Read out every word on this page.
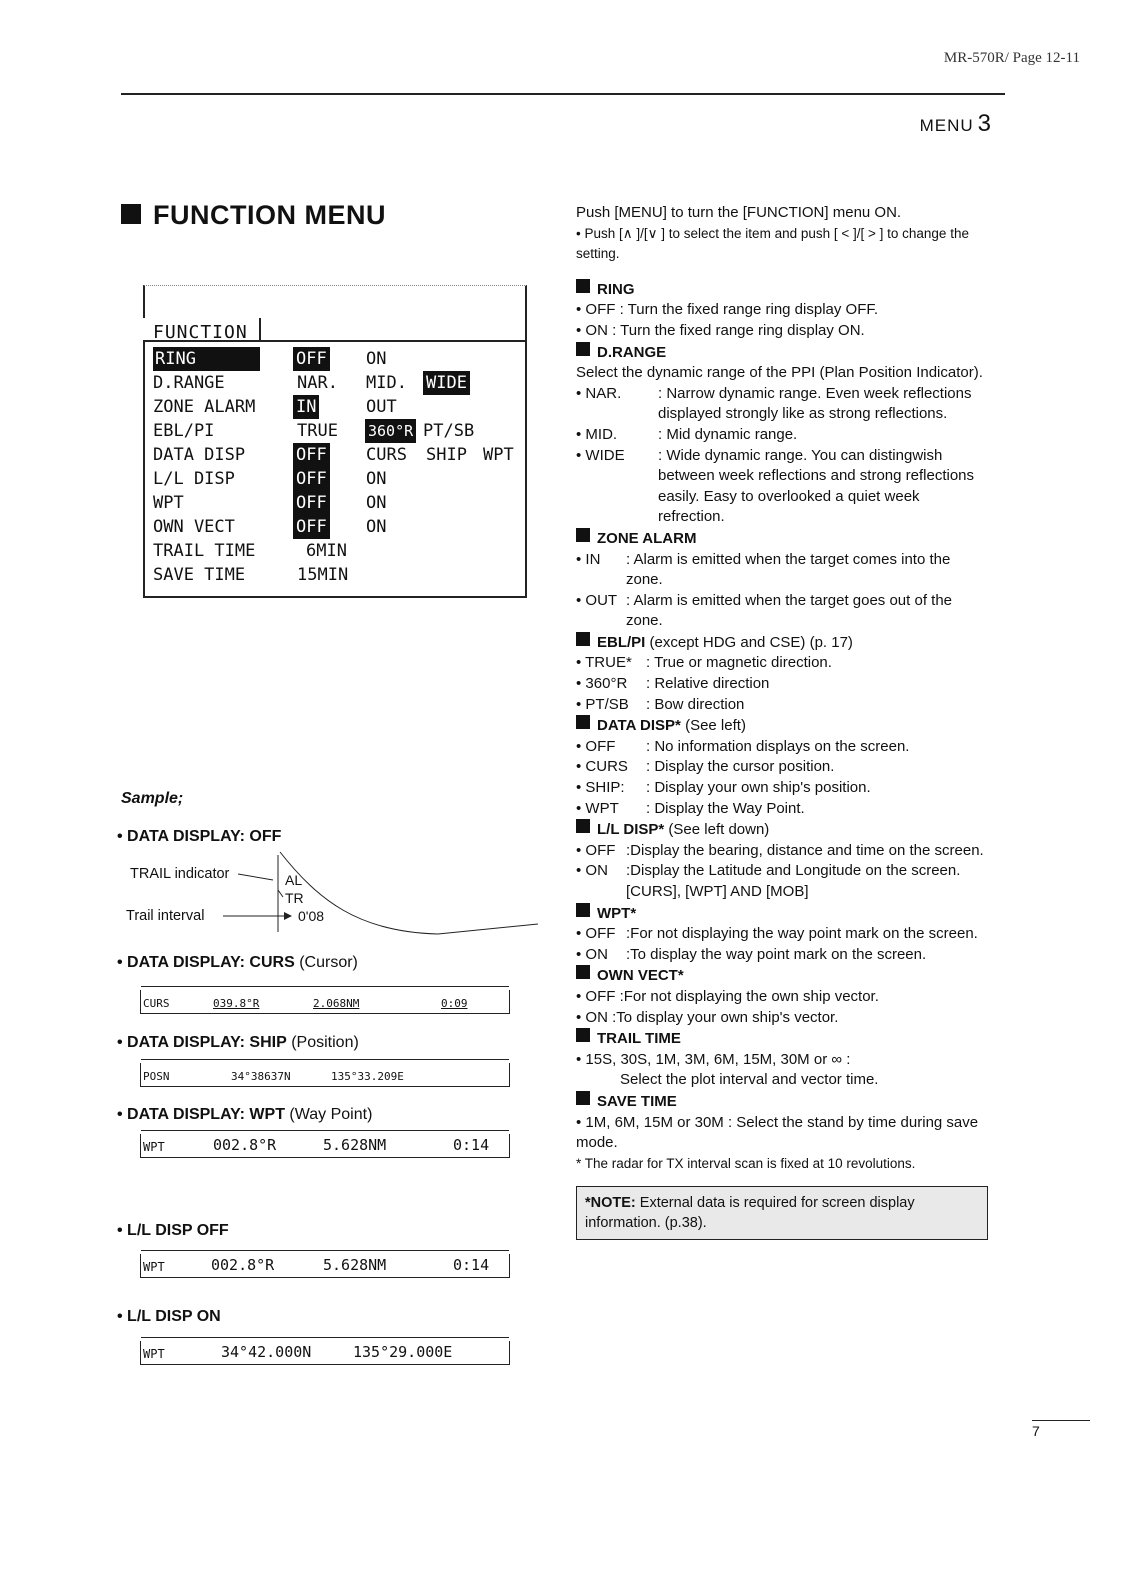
MR-570R/ Page 12-11
MENU 3
FUNCTION MENU
FUNCTION
RING	OFF ON
D.RANGE	NAR. MID. WIDE
ZONE ALARM IN	OUT
EBL/PI	TRUE 360°R PT/SB
DATA DISP	OFF CURS SHIP WPT
L/L DISP	OFF ON
WPT	OFF ON
OWN VECT	OFF ON
TRAIL TIME	6MIN
SAVE TIME	15MIN
Sample;
• DATA DISPLAY: OFF
TRAIL indicator
Trail interval
AL
TR
0'08
• DATA DISPLAY: CURS (Cursor)
CURS	039.8°R	2.068NM	0:09
• DATA DISPLAY: SHIP (Position)
POSN	34°38637N	135°33.209E
• DATA DISPLAY: WPT (Way Point)
WPT	002.8°R	5.628NM	0:14
• L/L DISP OFF
WPT	002.8°R	5.628NM	0:14
• L/L DISP ON
WPT	34°42.000N	135°29.000E

Push [MENU] to turn the [FUNCTION] menu ON.

• Push [∧ ]/[∨ ] to select the item and push [ < ]/[ > ] to change the setting.

RING

• OFF : Turn the fixed range ring display OFF.

• ON : Turn the fixed range ring display ON.

D.RANGE

Select the dynamic range of the PPI (Plan Position Indicator).

• NAR.	: Narrow dynamic range. Even week reflections displayed strongly like as strong reflections.
• MID.	: Mid dynamic range.
• WIDE	: Wide dynamic range. You can distingwish between week reflections and strong reflections easily. Easy to overlooked a quiet week refrection.

ZONE ALARM

• IN	: Alarm is emitted when the target comes into the zone.
• OUT : Alarm is emitted when the target goes out of the zone.

EBL/PI (except HDG and CSE) (p. 17)

• TRUE* : True or magnetic direction.
• 360°R	: Relative direction
• PT/SB	: Bow direction

DATA DISP* (See left)

• OFF	: No information displays on the screen.
• CURS	: Display the cursor position.
• SHIP:	: Display your own ship's position.
• WPT	: Display the Way Point.

L/L DISP* (See left down)

• OFF :Display the bearing, distance and time on the screen.
• ON	:Display the Latitude and Longitude on the screen. [CURS], [WPT] AND [MOB]

WPT*

• OFF :For not displaying the way point mark on the screen.
• ON	:To display the way point mark on the screen.

OWN VECT*

• OFF :For not displaying the own ship vector.

• ON :To display your own ship's vector.

TRAIL TIME

• 15S, 30S, 1M, 3M, 6M, 15M, 30M or ∞ :

Select the plot interval and vector time.

SAVE TIME

• 1M, 6M, 15M or 30M : Select the stand by time during save mode.

* The radar for TX interval scan is fixed at 10 revolutions.

*NOTE: External data is required for screen display information. (p.38).
7
